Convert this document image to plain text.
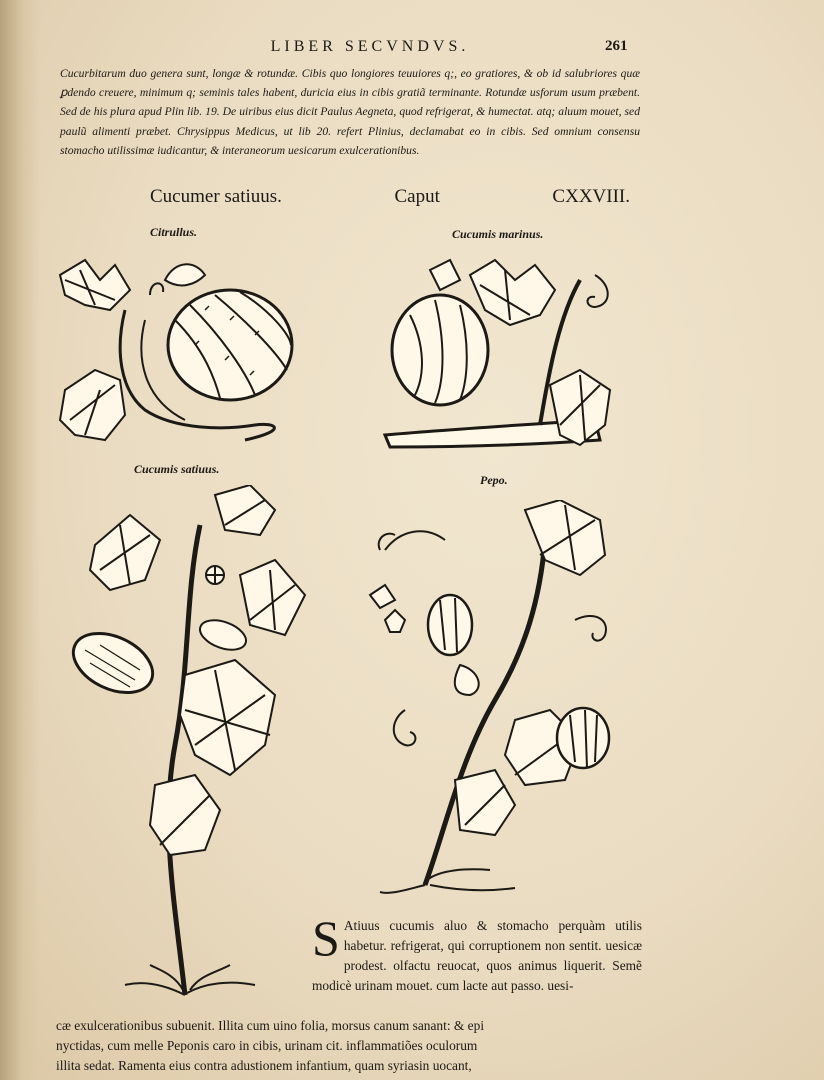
LIBER SECVNDVS.	261

Cucurbitarum duo genera sunt, longæ & rotundæ. Cibis quo longiores teuuiores q;, eo gratiores, & ob id salubriores quæ ꝑdendo creuere, minimum q; seminis tales habent, duricia eius in cibis gratiã terminante. Rotundæ usforum usum præbent. Sed de his plura apud Plin lib. 19. De uiribus eius dicit Paulus Aegneta, quod refrigerat, & humectat. atq; aluum mouet, sed paulũ alimenti præbet. Chrysippus Medicus, ut lib 20. refert Plinius, declamabat eo in cibis. Sed omnium consensu stomacho utilissimæ iudicantur, & interaneorum uesicarum exulcerationibus.

Cucumer satiuus.	Caput	CXXVIII.
Citrullus.	Cucumis marinus.
Cucumis satiuus.
Pepo.

S Atiuus cucumis aluo & stomacho perquàm utilis habetur. refrigerat, qui corruptionem non sentit. uesicæ prodest. olfactu reuocat, quos animus liquerit. Semẽ modicè urinam mouet. cum lacte aut passo. uesi-

cæ exulcerationibus subuenit. Illita cum uino folia, morsus canum sanant: & epi
nyctidas, cum melle Peponis caro in cibis, urinam cit. inflammatiões oculorum
illita sedat. Ramenta eius contra adustionem infantium, quam syriasin uocant,
